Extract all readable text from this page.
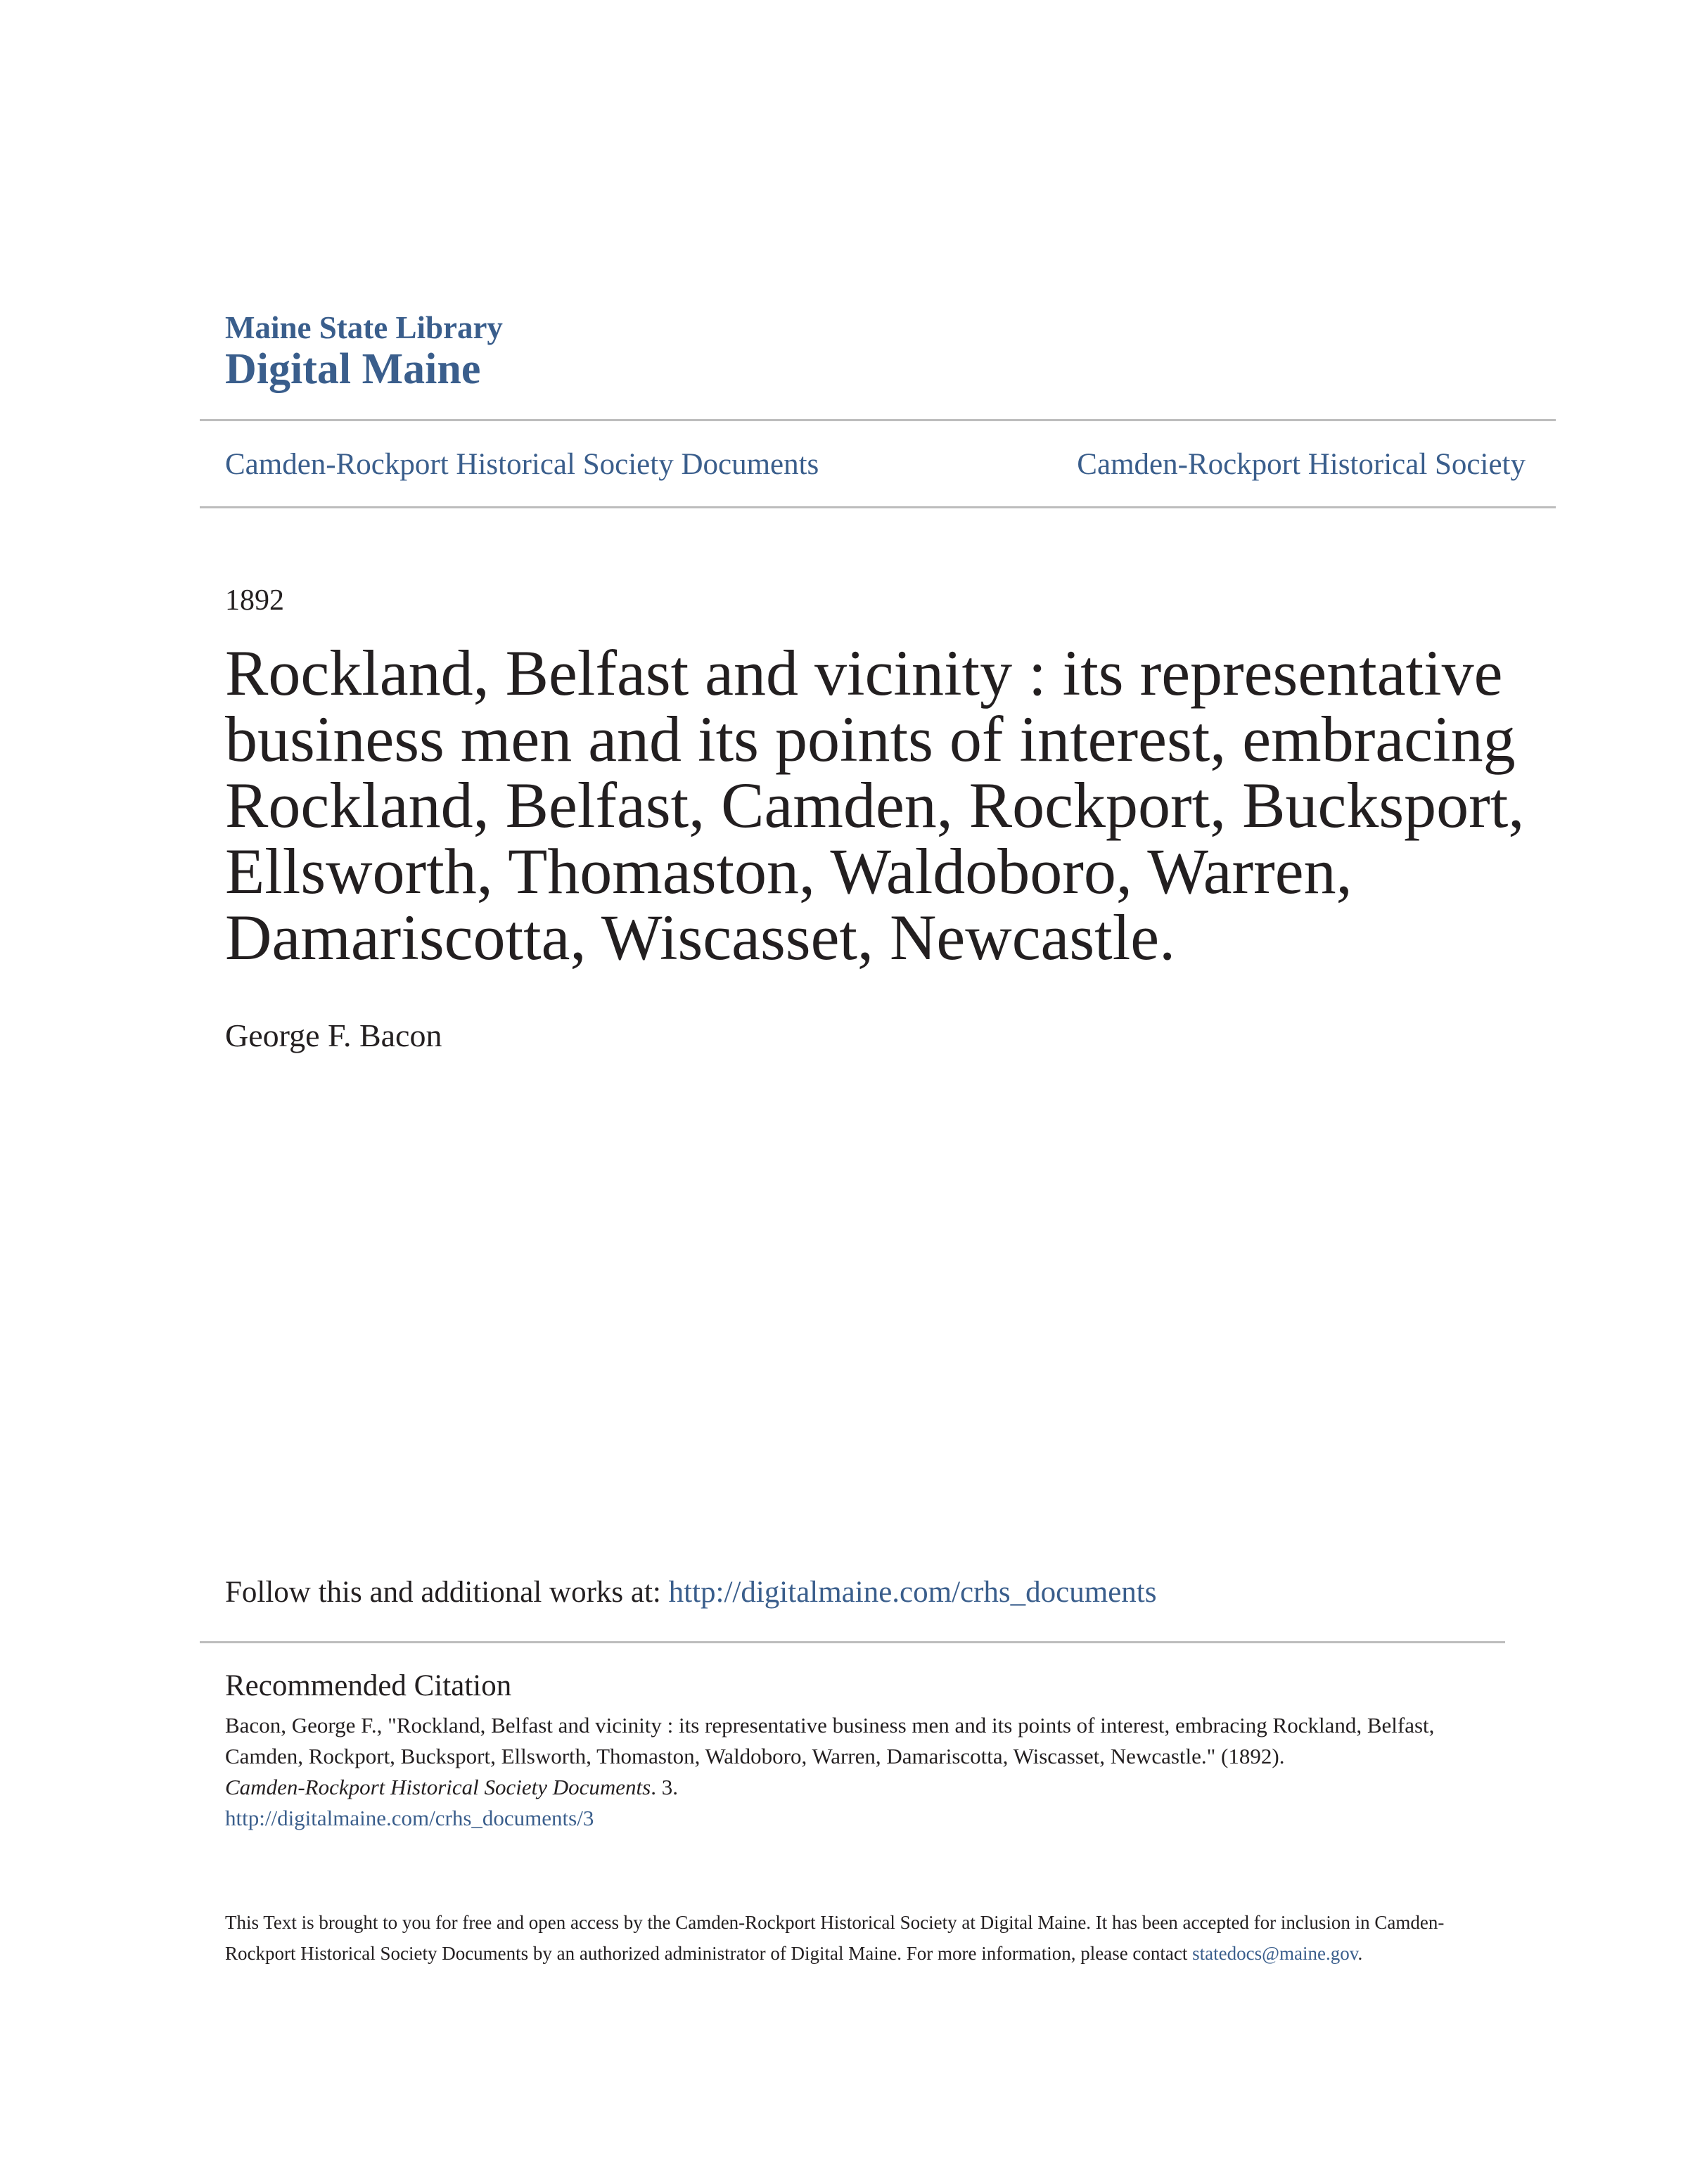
Maine State Library
Digital Maine
Camden-Rockport Historical Society Documents	Camden-Rockport Historical Society
1892
Rockland, Belfast and vicinity : its representative business men and its points of interest, embracing Rockland, Belfast, Camden, Rockport, Bucksport, Ellsworth, Thomaston, Waldoboro, Warren, Damariscotta, Wiscasset, Newcastle.
George F. Bacon
Follow this and additional works at: http://digitalmaine.com/crhs_documents
Recommended Citation
Bacon, George F., "Rockland, Belfast and vicinity : its representative business men and its points of interest, embracing Rockland, Belfast, Camden, Rockport, Bucksport, Ellsworth, Thomaston, Waldoboro, Warren, Damariscotta, Wiscasset, Newcastle." (1892).
Camden-Rockport Historical Society Documents. 3.
http://digitalmaine.com/crhs_documents/3
This Text is brought to you for free and open access by the Camden-Rockport Historical Society at Digital Maine. It has been accepted for inclusion in Camden-Rockport Historical Society Documents by an authorized administrator of Digital Maine. For more information, please contact statedocs@maine.gov.
